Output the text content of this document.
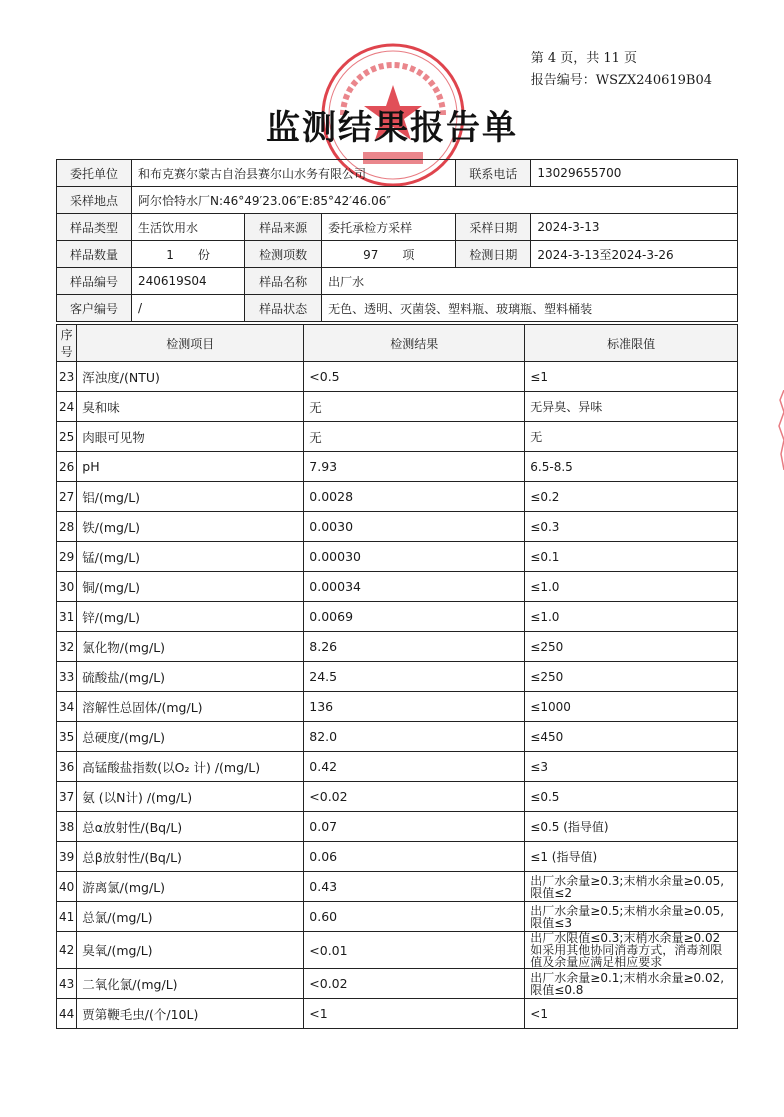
第 4 页，共 11 页
报告编号：WSZX240619B04
监测结果报告单
委托单位	和布克赛尔蒙古自治县赛尔山水务有限公司			联系电话	13029655700
采样地点	阿尔恰特水厂N:46°49′23.06″E:85°42′46.06″				
样品类型	生活饮用水	样品来源	委托承检方采样	采样日期	2024-3-13
样品数量	1　　份	检测项数	97　　项	检测日期	2024-3-13至2024-3-26
样品编号	240619S04	样品名称	出厂水		
客户编号	/	样品状态	无色、透明、灭菌袋、塑料瓶、玻璃瓶、塑料桶装		
序号	检测项目	检测结果	标准限值
23	浑浊度/(NTU)	<0.5	≤1
24	臭和味	无	无异臭、异味
25	肉眼可见物	无	无
26	pH	7.93	6.5-8.5
27	铝/(mg/L)	0.0028	≤0.2
28	铁/(mg/L)	0.0030	≤0.3
29	锰/(mg/L)	0.00030	≤0.1
30	铜/(mg/L)	0.00034	≤1.0
31	锌/(mg/L)	0.0069	≤1.0
32	氯化物/(mg/L)	8.26	≤250
33	硫酸盐/(mg/L)	24.5	≤250
34	溶解性总固体/(mg/L)	136	≤1000
35	总硬度/(mg/L)	82.0	≤450
36	高锰酸盐指数(以O₂ 计) /(mg/L)	0.42	≤3
37	氨 (以N计) /(mg/L)	<0.02	≤0.5
38	总α放射性/(Bq/L)	0.07	≤0.5 (指导值)
39	总β放射性/(Bq/L)	0.06	≤1 (指导值)
40	游离氯/(mg/L)	0.43	出厂水余量≥0.3;末梢水余量≥0.05,限值≤2
41	总氯/(mg/L)	0.60	出厂水余量≥0.5;末梢水余量≥0.05,限值≤3
42	臭氧/(mg/L)	<0.01	出厂水限值≤0.3;末梢水余量≥0.02 如采用其他协同消毒方式，消毒剂限值及余量应满足相应要求
43	二氧化氯/(mg/L)	<0.02	出厂水余量≥0.1;末梢水余量≥0.02,限值≤0.8
44	贾第鞭毛虫/(个/10L)	<1	<1
